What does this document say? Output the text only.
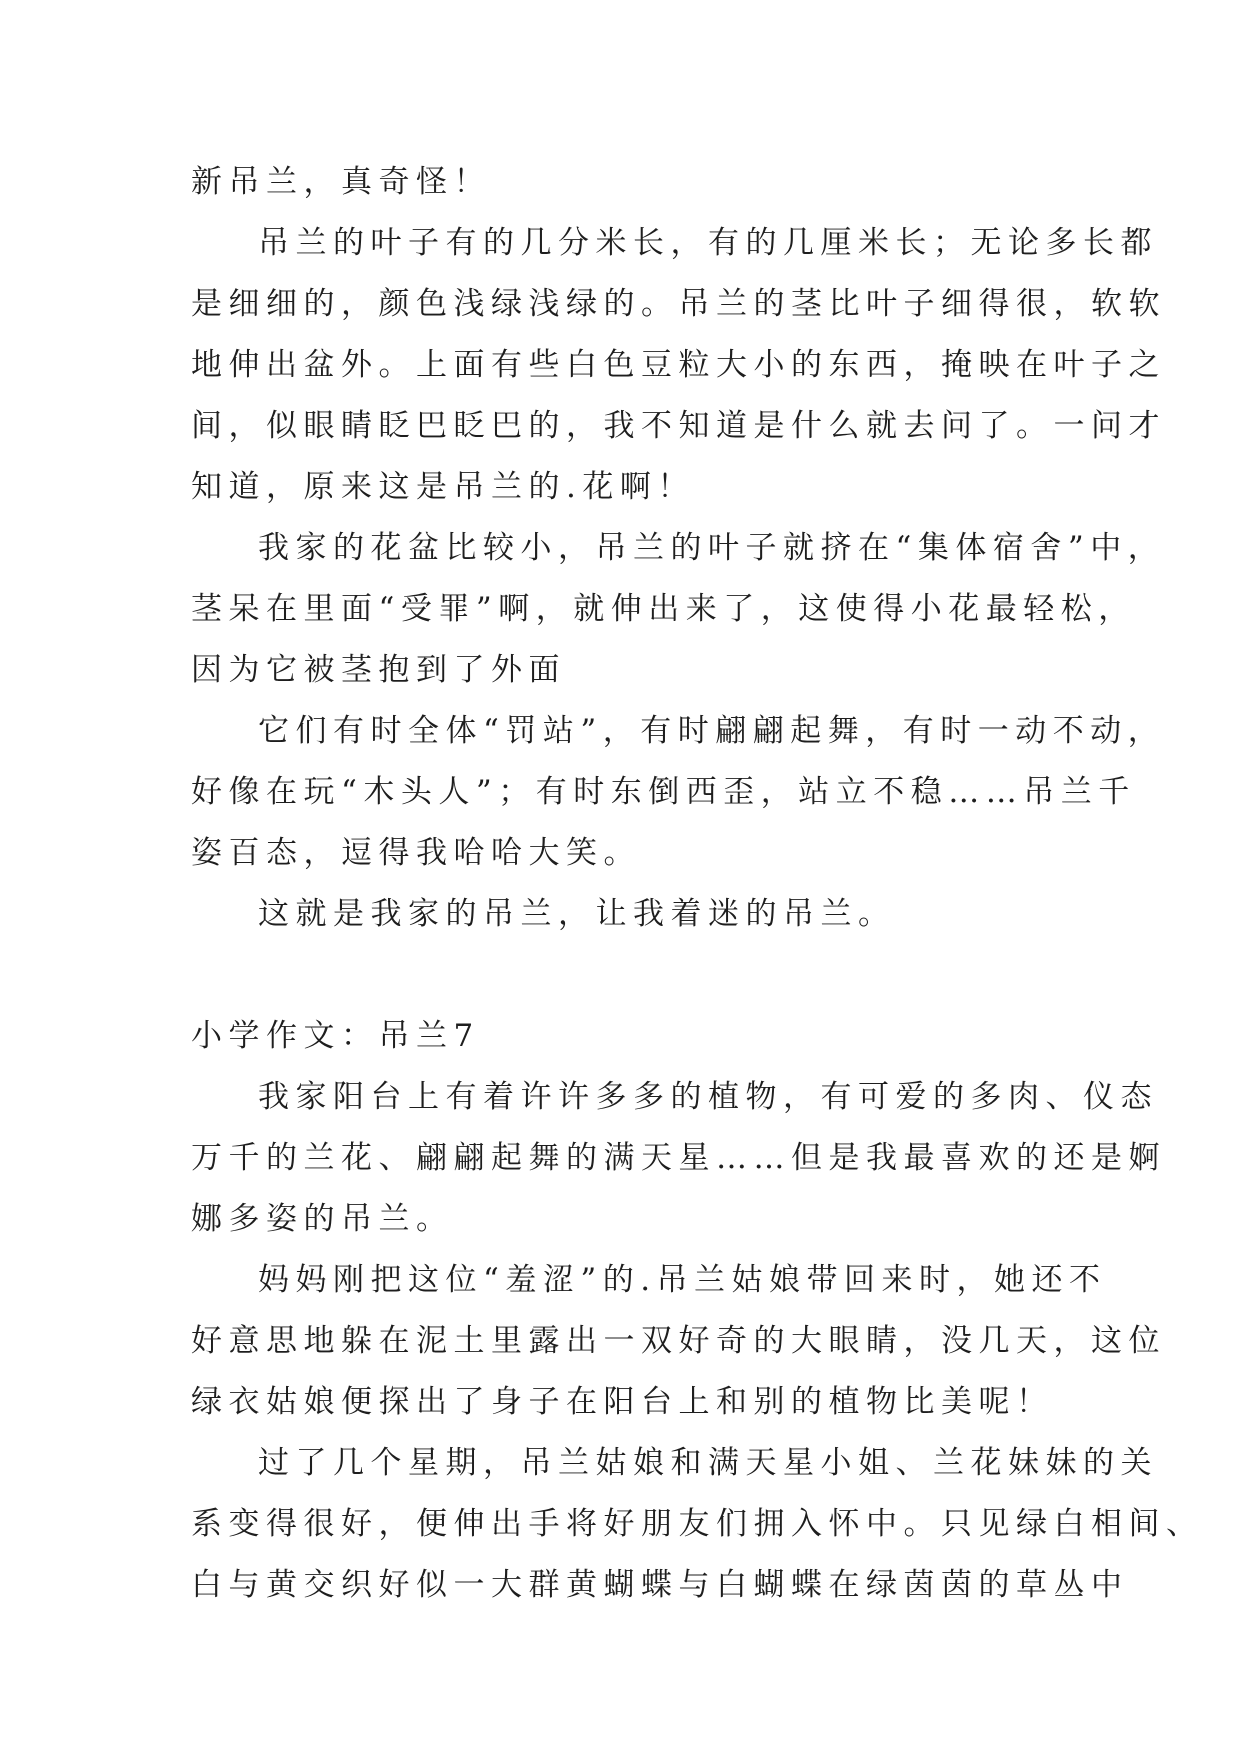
新吊兰，真奇怪！
吊兰的叶子有的几分米长，有的几厘米长；无论多长都
是细细的，颜色浅绿浅绿的。吊兰的茎比叶子细得很，软软
地伸出盆外。上面有些白色豆粒大小的东西，掩映在叶子之
间，似眼睛眨巴眨巴的，我不知道是什么就去问了。一问才
知道，原来这是吊兰的.花啊！
我家的花盆比较小，吊兰的叶子就挤在“集体宿舍”中，
茎呆在里面“受罪”啊，就伸出来了，这使得小花最轻松，
因为它被茎抱到了外面
它们有时全体“罚站”，有时翩翩起舞，有时一动不动，
好像在玩“木头人”；有时东倒西歪，站立不稳……吊兰千
姿百态，逗得我哈哈大笑。
这就是我家的吊兰，让我着迷的吊兰。
小学作文：吊兰7
我家阳台上有着许许多多的植物，有可爱的多肉、仪态
万千的兰花、翩翩起舞的满天星……但是我最喜欢的还是婀
娜多姿的吊兰。
妈妈刚把这位“羞涩”的.吊兰姑娘带回来时，她还不
好意思地躲在泥土里露出一双好奇的大眼睛，没几天，这位
绿衣姑娘便探出了身子在阳台上和别的植物比美呢！
过了几个星期，吊兰姑娘和满天星小姐、兰花妹妹的关
系变得很好，便伸出手将好朋友们拥入怀中。只见绿白相间、
白与黄交织好似一大群黄蝴蝶与白蝴蝶在绿茵茵的草丛中
